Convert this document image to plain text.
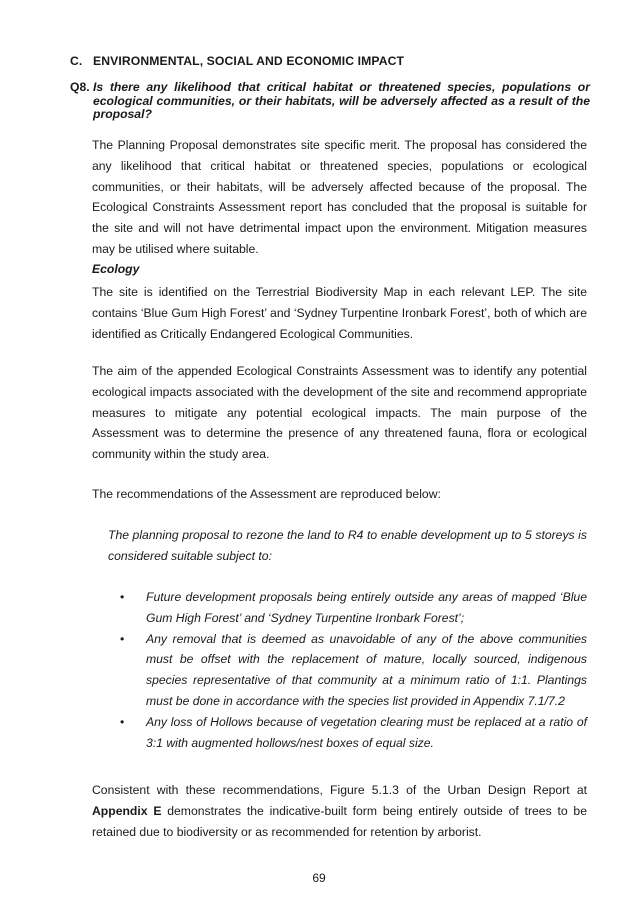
C. ENVIRONMENTAL, SOCIAL AND ECONOMIC IMPACT
Q8. Is there any likelihood that critical habitat or threatened species, populations or ecological communities, or their habitats, will be adversely affected as a result of the proposal?

The Planning Proposal demonstrates site specific merit. The proposal has considered the any likelihood that critical habitat or threatened species, populations or ecological communities, or their habitats, will be adversely affected because of the proposal. The Ecological Constraints Assessment report has concluded that the proposal is suitable for the site and will not have detrimental impact upon the environment. Mitigation measures may be utilised where suitable.

Ecology

The site is identified on the Terrestrial Biodiversity Map in each relevant LEP. The site contains ‘Blue Gum High Forest’ and ‘Sydney Turpentine Ironbark Forest’, both of which are identified as Critically Endangered Ecological Communities.

The aim of the appended Ecological Constraints Assessment was to identify any potential ecological impacts associated with the development of the site and recommend appropriate measures to mitigate any potential ecological impacts. The main purpose of the Assessment was to determine the presence of any threatened fauna, flora or ecological community within the study area.

The recommendations of the Assessment are reproduced below:

The planning proposal to rezone the land to R4 to enable development up to 5 storeys is considered suitable subject to:

• Future development proposals being entirely outside any areas of mapped ‘Blue Gum High Forest’ and ‘Sydney Turpentine Ironbark Forest’;
• Any removal that is deemed as unavoidable of any of the above communities must be offset with the replacement of mature, locally sourced, indigenous species representative of that community at a minimum ratio of 1:1. Plantings must be done in accordance with the species list provided in Appendix 7.1/7.2
• Any loss of Hollows because of vegetation clearing must be replaced at a ratio of 3:1 with augmented hollows/nest boxes of equal size.

Consistent with these recommendations, Figure 5.1.3 of the Urban Design Report at Appendix E demonstrates the indicative-built form being entirely outside of trees to be retained due to biodiversity or as recommended for retention by arborist.

69
